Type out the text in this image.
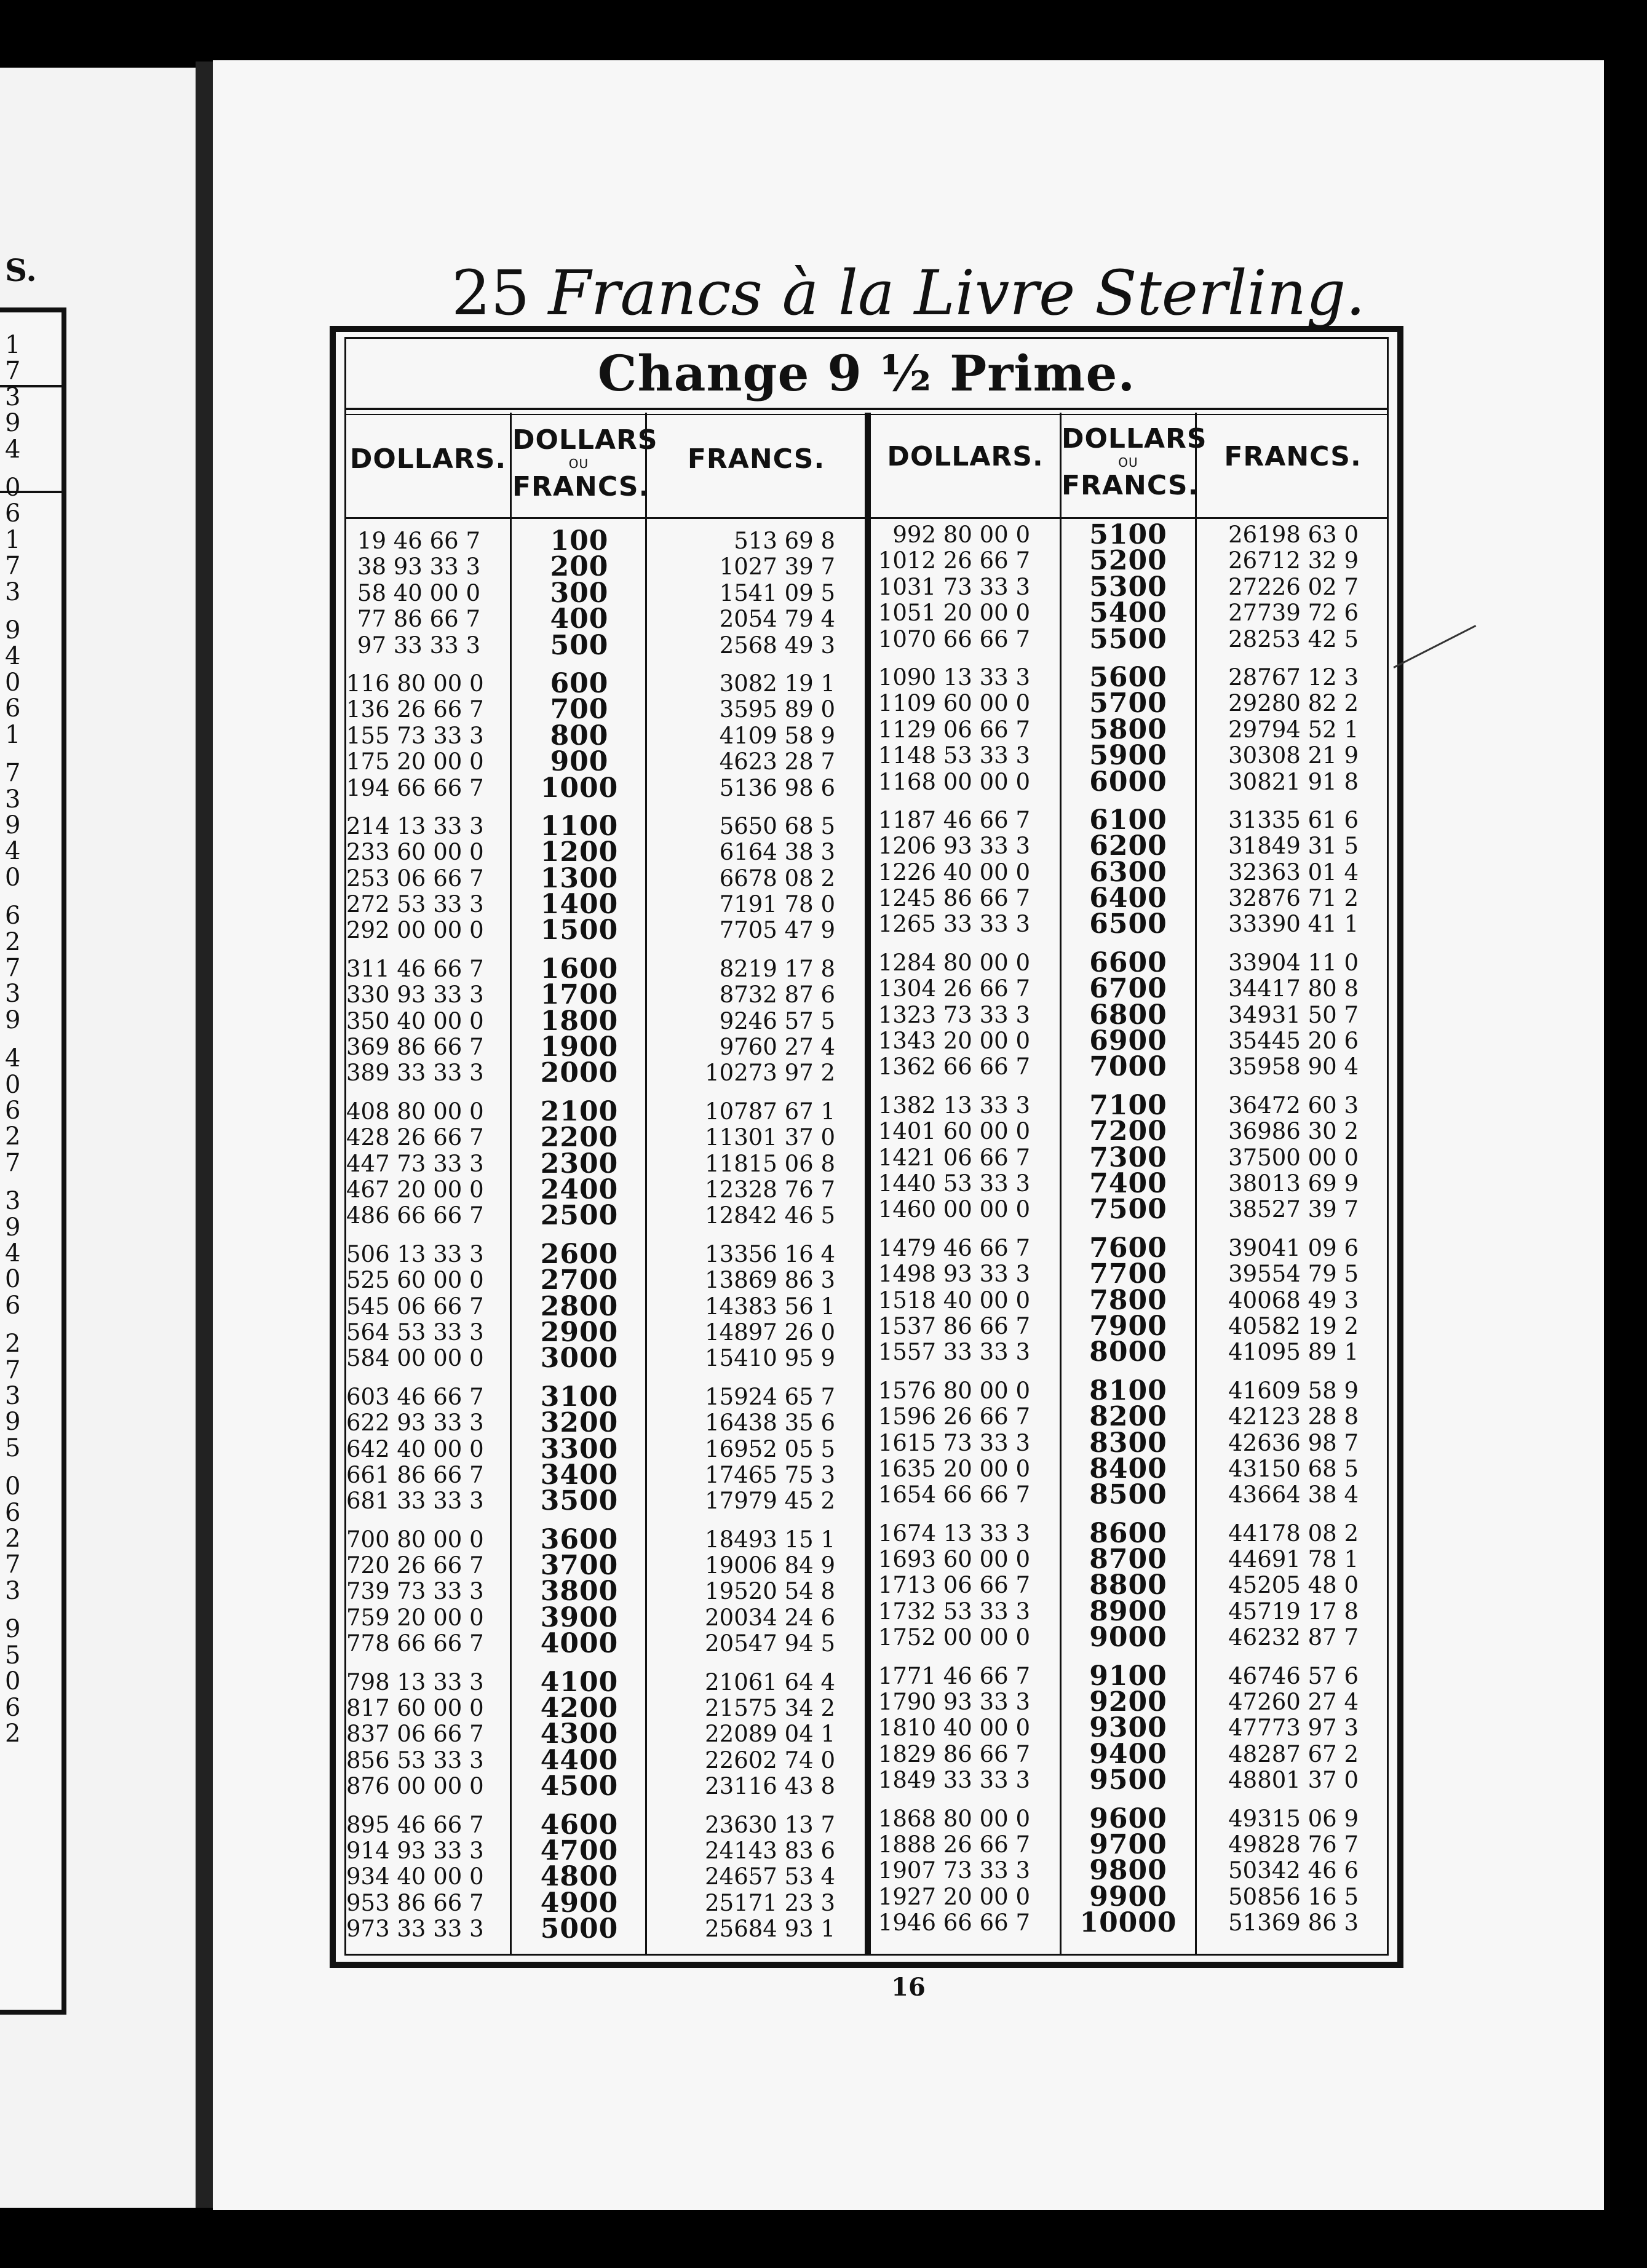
S.
1
7
3
9
4
0
6
1
7
3
9
4
0
6
1
7
3
9
4
0
6
2
7
3
9
4
0
6
2
7
3
9
4
0
6
2
7
3
9
5
0
6
2
7
3
9
5
0
6
2
25 Francs à la Livre Sterling.
Change 9 ½ Prime.
DOLLARS.
DOLLARS
OU
FRANCS.
FRANCS.	DOLLARS.
DOLLARS
OU
FRANCS.
FRANCS.
19 46 66 7
38 93 33 3
58 40 00 0
77 86 66 7
97 33 33 3
116 80 00 0
136 26 66 7
155 73 33 3
175 20 00 0
194 66 66 7
214 13 33 3
233 60 00 0
253 06 66 7
272 53 33 3
292 00 00 0
311 46 66 7
330 93 33 3
350 40 00 0
369 86 66 7
389 33 33 3
408 80 00 0
428 26 66 7
447 73 33 3
467 20 00 0
486 66 66 7
506 13 33 3
525 60 00 0
545 06 66 7
564 53 33 3
584 00 00 0
603 46 66 7
622 93 33 3
642 40 00 0
661 86 66 7
681 33 33 3
700 80 00 0
720 26 66 7
739 73 33 3
759 20 00 0
778 66 66 7
798 13 33 3
817 60 00 0
837 06 66 7
856 53 33 3
876 00 00 0
895 46 66 7
914 93 33 3
934 40 00 0
953 86 66 7
973 33 33 3
100
200
300
400
500
600
700
800
900
1000
1100
1200
1300
1400
1500
1600
1700
1800
1900
2000
2100
2200
2300
2400
2500
2600
2700
2800
2900
3000
3100
3200
3300
3400
3500
3600
3700
3800
3900
4000
4100
4200
4300
4400
4500
4600
4700
4800
4900
5000
513 69 8
1027 39 7
1541 09 5
2054 79 4
2568 49 3
3082 19 1
3595 89 0
4109 58 9
4623 28 7
5136 98 6
5650 68 5
6164 38 3
6678 08 2
7191 78 0
7705 47 9
8219 17 8
8732 87 6
9246 57 5
9760 27 4
10273 97 2
10787 67 1
11301 37 0
11815 06 8
12328 76 7
12842 46 5
13356 16 4
13869 86 3
14383 56 1
14897 26 0
15410 95 9
15924 65 7
16438 35 6
16952 05 5
17465 75 3
17979 45 2
18493 15 1
19006 84 9
19520 54 8
20034 24 6
20547 94 5
21061 64 4
21575 34 2
22089 04 1
22602 74 0
23116 43 8
23630 13 7
24143 83 6
24657 53 4
25171 23 3
25684 93 1
992 80 00 0
1012 26 66 7
1031 73 33 3
1051 20 00 0
1070 66 66 7
1090 13 33 3
1109 60 00 0
1129 06 66 7
1148 53 33 3
1168 00 00 0
1187 46 66 7
1206 93 33 3
1226 40 00 0
1245 86 66 7
1265 33 33 3
1284 80 00 0
1304 26 66 7
1323 73 33 3
1343 20 00 0
1362 66 66 7
1382 13 33 3
1401 60 00 0
1421 06 66 7
1440 53 33 3
1460 00 00 0
1479 46 66 7
1498 93 33 3
1518 40 00 0
1537 86 66 7
1557 33 33 3
1576 80 00 0
1596 26 66 7
1615 73 33 3
1635 20 00 0
1654 66 66 7
1674 13 33 3
1693 60 00 0
1713 06 66 7
1732 53 33 3
1752 00 00 0
1771 46 66 7
1790 93 33 3
1810 40 00 0
1829 86 66 7
1849 33 33 3
1868 80 00 0
1888 26 66 7
1907 73 33 3
1927 20 00 0
1946 66 66 7
5100
5200
5300
5400
5500
5600
5700
5800
5900
6000
6100
6200
6300
6400
6500
6600
6700
6800
6900
7000
7100
7200
7300
7400
7500
7600
7700
7800
7900
8000
8100
8200
8300
8400
8500
8600
8700
8800
8900
9000
9100
9200
9300
9400
9500
9600
9700
9800
9900
10000
26198 63 0
26712 32 9
27226 02 7
27739 72 6
28253 42 5
28767 12 3
29280 82 2
29794 52 1
30308 21 9
30821 91 8
31335 61 6
31849 31 5
32363 01 4
32876 71 2
33390 41 1
33904 11 0
34417 80 8
34931 50 7
35445 20 6
35958 90 4
36472 60 3
36986 30 2
37500 00 0
38013 69 9
38527 39 7
39041 09 6
39554 79 5
40068 49 3
40582 19 2
41095 89 1
41609 58 9
42123 28 8
42636 98 7
43150 68 5
43664 38 4
44178 08 2
44691 78 1
45205 48 0
45719 17 8
46232 87 7
46746 57 6
47260 27 4
47773 97 3
48287 67 2
48801 37 0
49315 06 9
49828 76 7
50342 46 6
50856 16 5
51369 86 3
16
